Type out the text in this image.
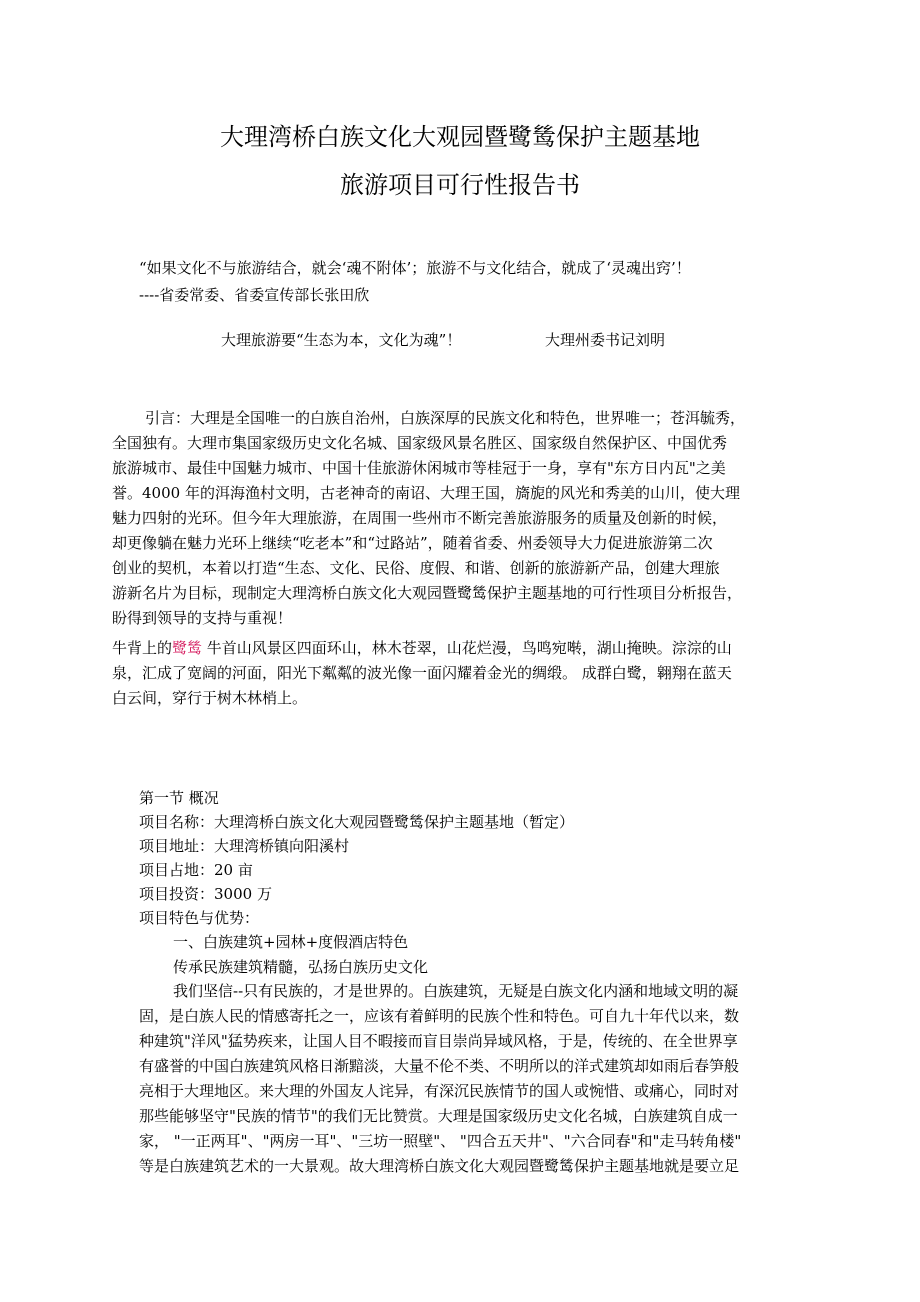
大理湾桥白族文化大观园暨鹭鸶保护主题基地
旅游项目可行性报告书
“如果文化不与旅游结合，就会‘魂不附体’；旅游不与文化结合，就成了‘灵魂出窍’！
----省委常委、省委宣传部长张田欣
大理旅游要“生态为本，文化为魂”！	大理州委书记刘明
引言：大理是全国唯一的白族自治州，白族深厚的民族文化和特色，世界唯一；苍洱毓秀，
全国独有。大理市集国家级历史文化名城、国家级风景名胜区、国家级自然保护区、中国优秀
旅游城市、最佳中国魅力城市、中国十佳旅游休闲城市等桂冠于一身，享有"东方日内瓦"之美
誉。4000 年的洱海渔村文明，古老神奇的南诏、大理王国，旖旎的风光和秀美的山川，使大理
魅力四射的光环。但今年大理旅游，在周围一些州市不断完善旅游服务的质量及创新的时候，
却更像躺在魅力光环上继续“吃老本”和“过路站”，随着省委、州委领导大力促进旅游第二次
创业的契机，本着以打造“生态、文化、民俗、度假、和谐、创新的旅游新产品，创建大理旅
游新名片为目标，现制定大理湾桥白族文化大观园暨鹭鸶保护主题基地的可行性项目分析报告，
盼得到领导的支持与重视！
牛背上的鹭鸶 牛首山风景区四面环山，林木苍翠，山花烂漫，鸟鸣宛啭，湖山掩映。淙淙的山
泉，汇成了宽阔的河面，阳光下粼粼的波光像一面闪耀着金光的绸缎。 成群白鹭，翱翔在蓝天
白云间，穿行于树木林梢上。
第一节 概况
项目名称：大理湾桥白族文化大观园暨鹭鸶保护主题基地（暂定）
项目地址：大理湾桥镇向阳溪村
项目占地：20 亩
项目投资：3000 万
项目特色与优势：
一、白族建筑+园林+度假酒店特色
传承民族建筑精髓，弘扬白族历史文化
我们坚信--只有民族的，才是世界的。白族建筑，无疑是白族文化内涵和地域文明的凝
固，是白族人民的情感寄托之一，应该有着鲜明的民族个性和特色。可自九十年代以来，数
种建筑"洋风"猛势疾来，让国人目不暇接而盲目崇尚异域风格，于是，传统的、在全世界享
有盛誉的中国白族建筑风格日渐黯淡，大量不伦不类、不明所以的洋式建筑却如雨后春笋般
亮相于大理地区。来大理的外国友人诧异，有深沉民族情节的国人或惋惜、或痛心，同时对
那些能够坚守"民族的情节"的我们无比赞赏。大理是国家级历史文化名城，白族建筑自成一
家， "一正两耳"、"两房一耳"、"三坊一照壁"、 "四合五天井"、"六合同春"和"走马转角楼"
等是白族建筑艺术的一大景观。故大理湾桥白族文化大观园暨鹭鸶保护主题基地就是要立足
